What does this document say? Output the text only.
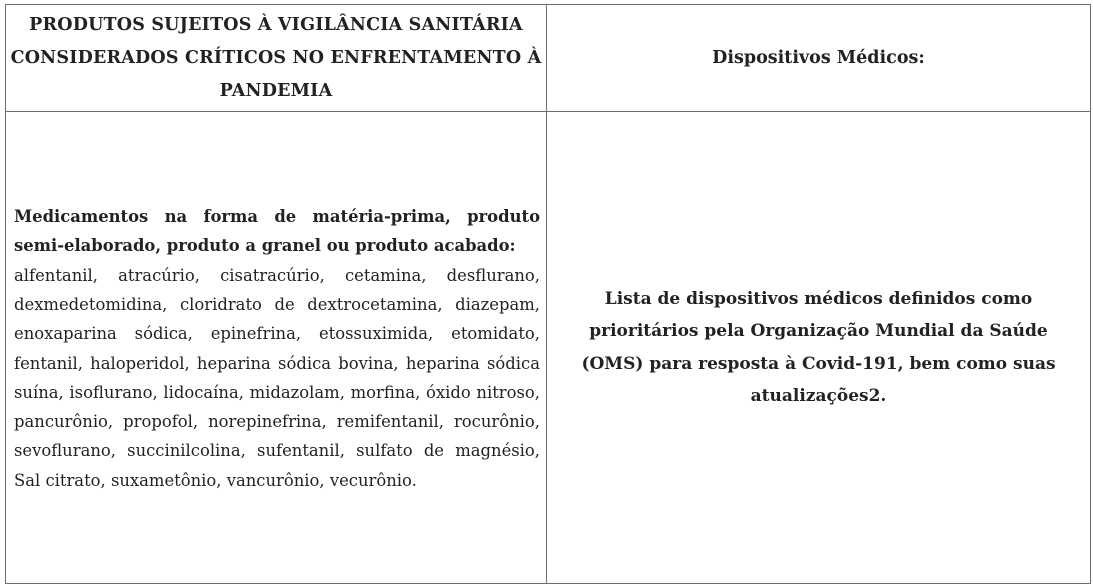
PRODUTOS SUJEITOS À VIGILÂNCIA SANITÁRIA CONSIDERADOS CRÍTICOS NO ENFRENTAMENTO À PANDEMIA	Dispositivos Médicos:

Medicamentos na forma de matéria-prima, produto semi-elaborado, produto a granel ou produto acabado:
alfentanil, atracúrio, cisatracúrio, cetamina, desflurano, dexmedetomidina, cloridrato de dextrocetamina, diazepam, enoxaparina sódica, epinefrina, etossuximida, etomidato, fentanil, haloperidol, heparina sódica bovina, heparina sódica suína, isoflurano, lidocaína, midazolam, morfina, óxido nitroso, pancurônio, propofol, norepinefrina, remifentanil, rocurônio, sevoflurano, succinilcolina, sufentanil, sulfato de magnésio, Sal citrato, suxametônio, vancurônio, vecurônio.	Lista de dispositivos médicos definidos como prioritários pela Organização Mundial da Saúde (OMS) para resposta à Covid-191, bem como suas atualizações2.
